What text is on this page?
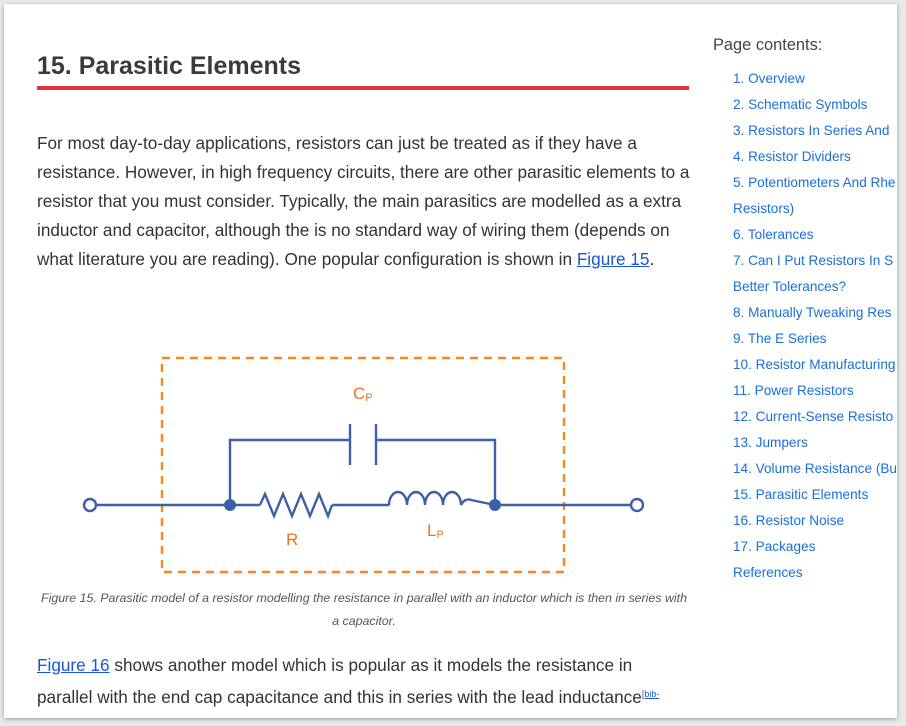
15. Parasitic Elements

For most day-to-day applications, resistors can just be treated as if they have a resistance. However, in high frequency circuits, there are other parasitic elements to a resistor that you must consider. Typically, the main parasitics are modelled as a extra inductor and capacitor, although the is no standard way of wiring them (depends on what literature you are reading). One popular configuration is shown in Figure 15.

CP
R	LP

Figure 15. Parasitic model of a resistor modelling the resistance in parallel with an inductor which is then in series with a capacitor.

Figure 16 shows another model which is popular as it models the resistance in parallel with the end cap capacitance and this in series with the lead inductance$^{[bib-}$

Page contents:

1. Overview
2. Schematic Symbols
3. Resistors In Series And
4. Resistor Dividers
5. Potentiometers And Rhe
Resistors)
6. Tolerances
7. Can I Put Resistors In S
Better Tolerances?
8. Manually Tweaking Res
9. The E Series
10. Resistor Manufacturing
11. Power Resistors
12. Current-Sense Resisto
13. Jumpers
14. Volume Resistance (Bu
15. Parasitic Elements
16. Resistor Noise
17. Packages
References
